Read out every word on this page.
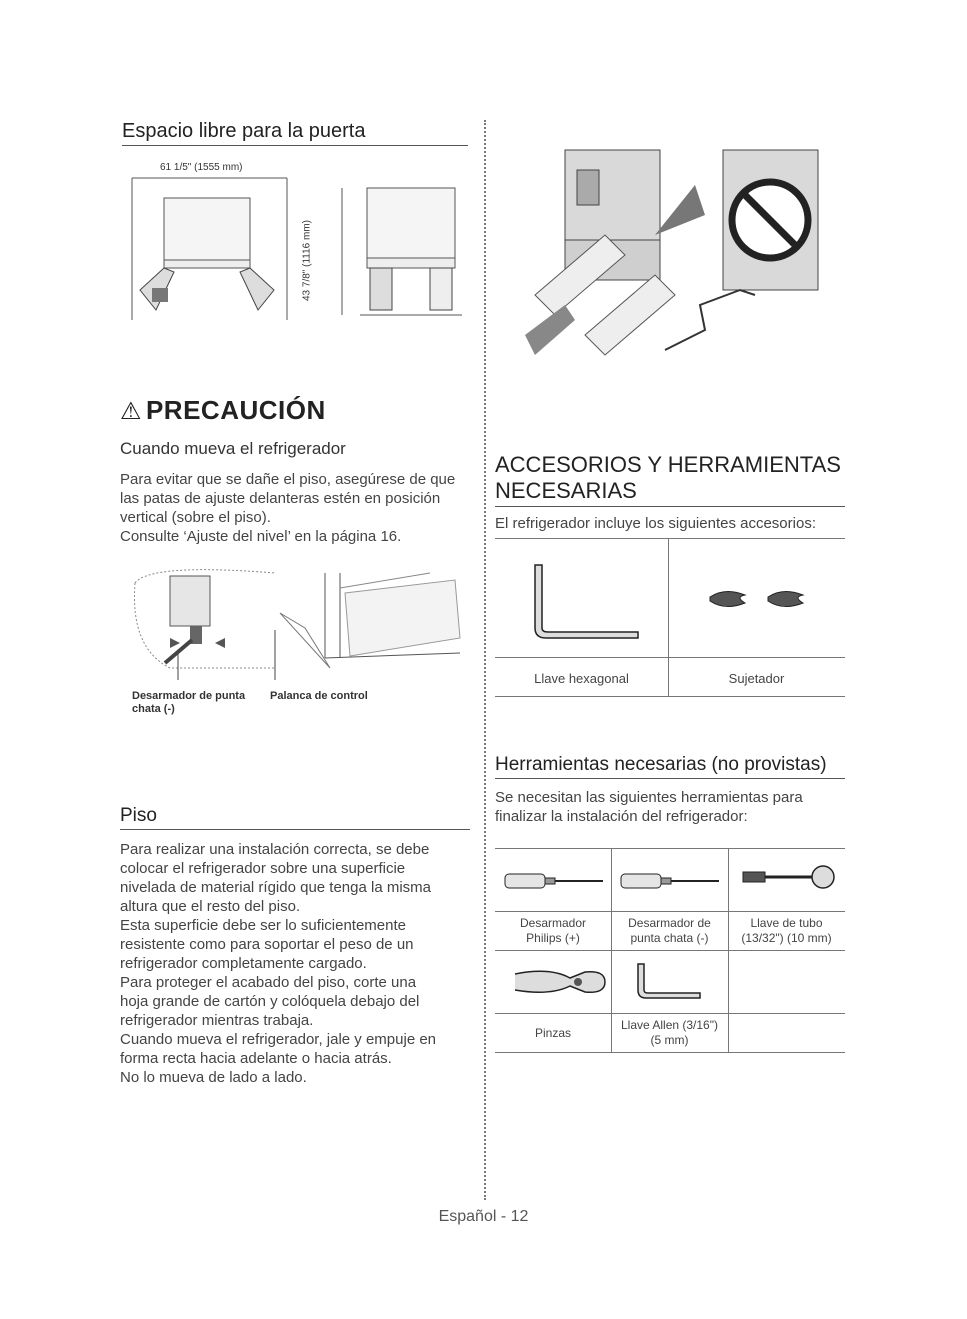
Espacio libre para la puerta
61 1/5" (1555 mm)
43 7/8" (1116 mm)
⚠ PRECAUCIÓN
Cuando mueva el refrigerador
Para evitar que se dañe el piso, asegúrese de que
las patas de ajuste delanteras estén en posición
vertical (sobre el piso).
Consulte ‘Ajuste del nivel’ en la página 16.
Desarmador de punta chata (-)
Palanca de control
Piso
Para realizar una instalación correcta, se debe
colocar el refrigerador sobre una superficie
nivelada de material rígido que tenga la misma
altura que el resto del piso.
Esta superficie debe ser lo suficientemente
resistente como para soportar el peso de un
refrigerador completamente cargado.
Para proteger el acabado del piso, corte una
hoja grande de cartón y colóquela debajo del
refrigerador mientras trabaja.
Cuando mueva el refrigerador, jale y empuje en
forma recta hacia adelante o hacia atrás.
No lo mueva de lado a lado.
ACCESORIOS Y HERRAMIENTAS
NECESARIAS
El refrigerador incluye los siguientes accesorios:
Llave hexagonal	Sujetador
Herramientas necesarias (no provistas)
Se necesitan las siguientes herramientas para
finalizar la instalación del refrigerador:
Desarmador
Philips (+)
Desarmador de
punta chata (-)
Llave de tubo
(13/32") (10 mm)
Pinzas
Llave Allen (3/16")
(5 mm)
Español - 12
